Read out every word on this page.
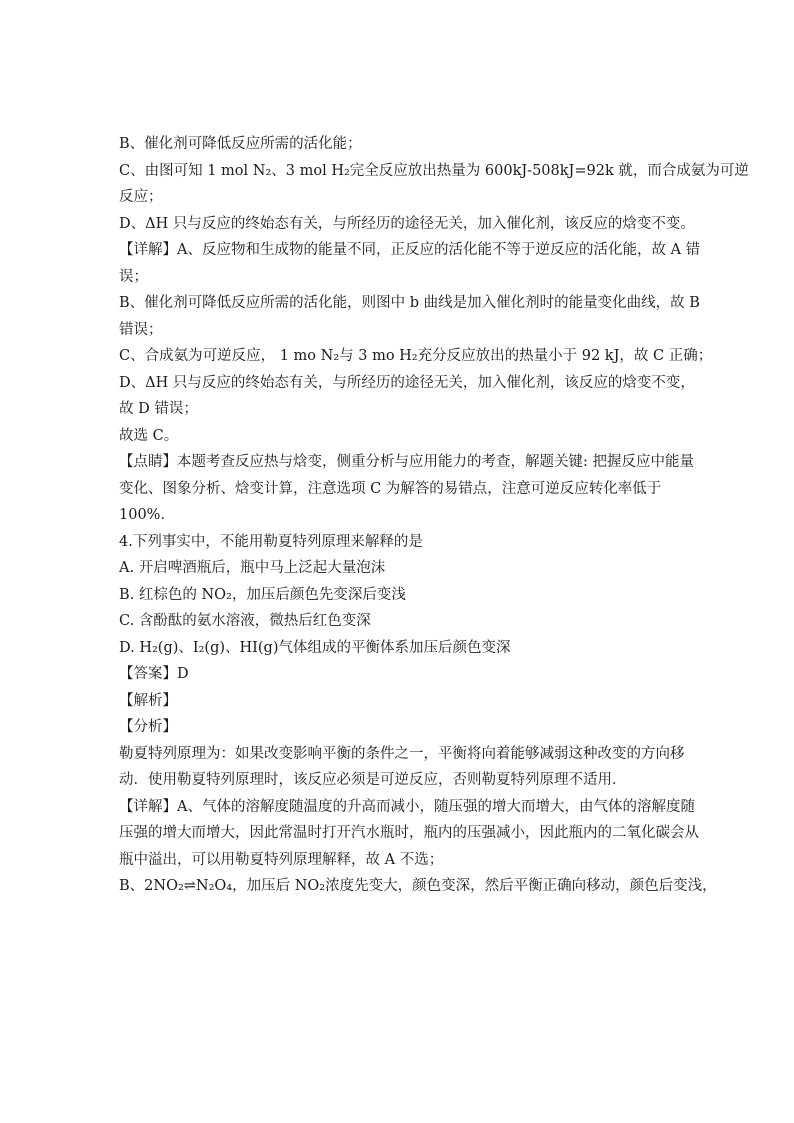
B、催化剂可降低反应所需的活化能；
C、由图可知 1 mol N₂、3 mol H₂完全反应放出热量为 600kJ-508kJ=92k 就，而合成氨为可逆
反应；
D、ΔH 只与反应的终始态有关，与所经历的途径无关，加入催化剂，该反应的焓变不变。
【详解】A、反应物和生成物的能量不同，正反应的活化能不等于逆反应的活化能，故 A 错
误；
B、催化剂可降低反应所需的活化能，则图中 b 曲线是加入催化剂时的能量变化曲线，故 B
错误；
C、合成氨为可逆反应， 1 mo N₂与 3 mo H₂充分反应放出的热量小于 92 kJ，故 C 正确；
D、ΔH 只与反应的终始态有关，与所经历的途径无关，加入催化剂，该反应的焓变不变，
故 D 错误；
故选 C。
【点睛】本题考查反应热与焓变，侧重分析与应用能力的考查，解题关键: 把握反应中能量
变化、图象分析、焓变计算，注意选项 C 为解答的易错点，注意可逆反应转化率低于
100%．
4.下列事实中，不能用勒夏特列原理来解释的是
A. 开启啤酒瓶后，瓶中马上泛起大量泡沫
B. 红棕色的 NO₂，加压后颜色先变深后变浅
C. 含酚酞的氨水溶液，微热后红色变深
D. H₂(g)、I₂(g)、HI(g)气体组成的平衡体系加压后颜色变深
【答案】D
【解析】
【分析】
勒夏特列原理为：如果改变影响平衡的条件之一，平衡将向着能够减弱这种改变的方向移
动．使用勒夏特列原理时，该反应必须是可逆反应，否则勒夏特列原理不适用．
【详解】A、气体的溶解度随温度的升高而减小，随压强的增大而增大，由气体的溶解度随
压强的增大而增大，因此常温时打开汽水瓶时，瓶内的压强减小，因此瓶内的二氧化碳会从
瓶中溢出，可以用勒夏特列原理解释，故 A 不选；
B、2NO₂⇌N₂O₄，加压后 NO₂浓度先变大，颜色变深，然后平衡正确向移动，颜色后变浅，
